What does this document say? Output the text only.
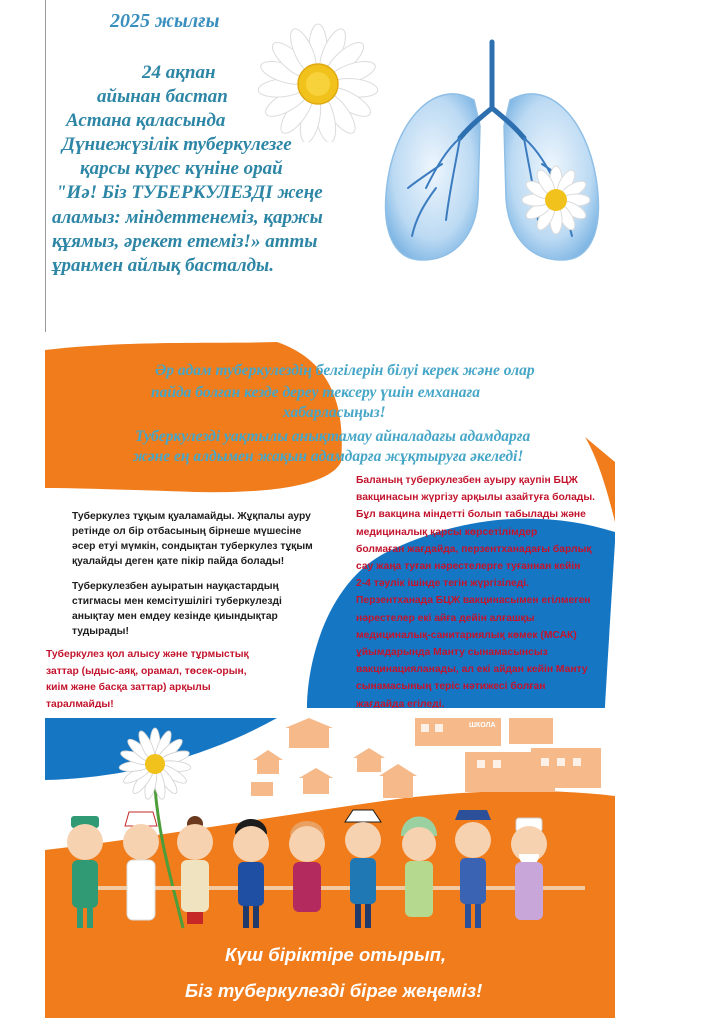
2025 жылғы
24 ақпан
айынан бастап
Астана қаласында
Дүниежүзілік туберкулезге
қарсы күрес күніне орай
"Иә! Біз ТУБЕРКУЛЕЗДІ жеңе
аламыз: міндеттенеміз, қаржы
құямыз, әрекет етеміз!» атты
ұранмен айлық басталды.
Әр адам туберкулездің белгілерін білуі керек және олар
пайда болған кезде дереу тексеру үшін емханаға
хабарласыңыз!
Туберкулезді уақтылы анықтамау айналадағы адамдарға
және ең алдымен жақын адамдарға жұқтыруға әкеледі!
Туберкулез тұқым қуаламайды. Жұқпалы ауру
ретінде ол бір отбасының бірнеше мүшесіне
әсер етуі мүмкін, сондықтан туберкулез тұқым
қуалайды деген қате пікір пайда болады!
Туберкулезбен ауыратын науқастардың
стигмасы мен кемсітушілігі туберкулезді
анықтау мен емдеу кезінде қиындықтар
тудырады!
Туберкулез қол алысу және тұрмыстық
заттар (ыдыс-аяқ, орамал, төсек-орын,
киім және басқа заттар) арқылы
таралмайды!
Баланың туберкулезбен ауыру қаупін БЦЖ
вакцинасын жүргізу арқылы азайтуға болады.
Бұл вакцина міндетті болып табылады және
медициналық қарсы көрсетілімдер
болмаған жағдайда, перзентханадағы барлық
сау жаңа туған нәрестелерге туғаннан кейін
2-4 тәулік ішінде тегін жүргізіледі.
Перзентханада БЦЖ вакцинасымен егілмеген
нәрестелер екі айға дейін алғашқы
медициналық-санитариялық көмек (МСАК)
ұйымдарында Манту сынамасынсыз
вакцинацияланады, ал екі айдан кейін Манту
сынамасының теріс нәтижесі болған
жағдайда егіледі.
ШКОЛА
Күш біріктіре отырып,
Біз туберкулезді бірге жеңеміз!
